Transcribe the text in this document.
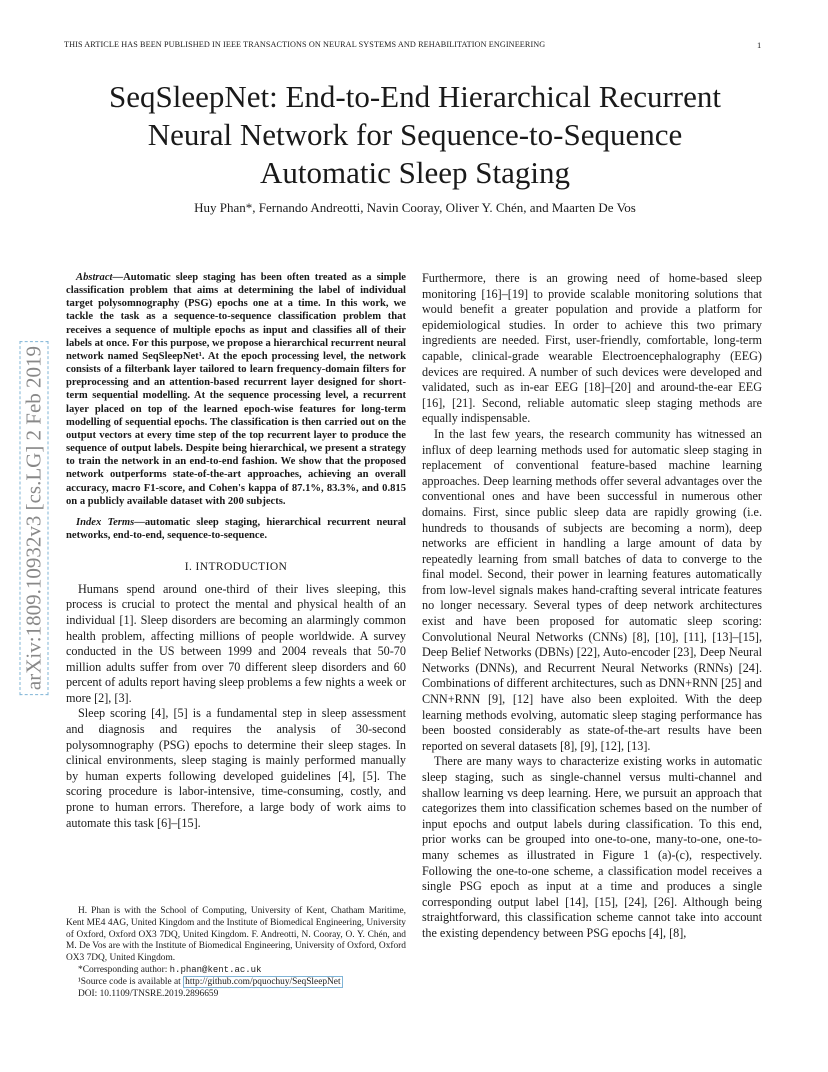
THIS ARTICLE HAS BEEN PUBLISHED IN IEEE TRANSACTIONS ON NEURAL SYSTEMS AND REHABILITATION ENGINEERING	1
SeqSleepNet: End-to-End Hierarchical Recurrent
Neural Network for Sequence-to-Sequence
Automatic Sleep Staging
Huy Phan*, Fernando Andreotti, Navin Cooray, Oliver Y. Chén, and Maarten De Vos
arXiv:1809.10932v3 [cs.LG] 2 Feb 2019

Abstract—Automatic sleep staging has been often treated as a simple classification problem that aims at determining the label of individual target polysomnography (PSG) epochs one at a time. In this work, we tackle the task as a sequence-to-sequence classification problem that receives a sequence of multiple epochs as input and classifies all of their labels at once. For this purpose, we propose a hierarchical recurrent neural network named SeqSleepNet¹. At the epoch processing level, the network consists of a filterbank layer tailored to learn frequency-domain filters for preprocessing and an attention-based recurrent layer designed for short-term sequential modelling. At the sequence processing level, a recurrent layer placed on top of the learned epoch-wise features for long-term modelling of sequential epochs. The classification is then carried out on the output vectors at every time step of the top recurrent layer to produce the sequence of output labels. Despite being hierarchical, we present a strategy to train the network in an end-to-end fashion. We show that the proposed network outperforms state-of-the-art approaches, achieving an overall accuracy, macro F1-score, and Cohen's kappa of 87.1%, 83.3%, and 0.815 on a publicly available dataset with 200 subjects.

Index Terms—automatic sleep staging, hierarchical recurrent neural networks, end-to-end, sequence-to-sequence.

I. INTRODUCTION

Humans spend around one-third of their lives sleeping, this process is crucial to protect the mental and physical health of an individual [1]. Sleep disorders are becoming an alarmingly common health problem, affecting millions of people worldwide. A survey conducted in the US between 1999 and 2004 reveals that 50-70 million adults suffer from over 70 different sleep disorders and 60 percent of adults report having sleep problems a few nights a week or more [2], [3].

Sleep scoring [4], [5] is a fundamental step in sleep assessment and diagnosis and requires the analysis of 30-second polysomnography (PSG) epochs to determine their sleep stages. In clinical environments, sleep staging is mainly performed manually by human experts following developed guidelines [4], [5]. The scoring procedure is labor-intensive, time-consuming, costly, and prone to human errors. Therefore, a large body of work aims to automate this task [6]–[15].

H. Phan is with the School of Computing, University of Kent, Chatham Maritime, Kent ME4 4AG, United Kingdom and the Institute of Biomedical Engineering, University of Oxford, Oxford OX3 7DQ, United Kingdom. F. Andreotti, N. Cooray, O. Y. Chén, and M. De Vos are with the Institute of Biomedical Engineering, University of Oxford, Oxford OX3 7DQ, United Kingdom.

*Corresponding author: h.phan@kent.ac.uk

¹Source code is available at http://github.com/pquochuy/SeqSleepNet

DOI: 10.1109/TNSRE.2019.2896659

Furthermore, there is an growing need of home-based sleep monitoring [16]–[19] to provide scalable monitoring solutions that would benefit a greater population and provide a platform for epidemiological studies. In order to achieve this two primary ingredients are needed. First, user-friendly, comfortable, long-term capable, clinical-grade wearable Electroencephalography (EEG) devices are required. A number of such devices were developed and validated, such as in-ear EEG [18]–[20] and around-the-ear EEG [16], [21]. Second, reliable automatic sleep staging methods are equally indispensable.

In the last few years, the research community has witnessed an influx of deep learning methods used for automatic sleep staging in replacement of conventional feature-based machine learning approaches. Deep learning methods offer several advantages over the conventional ones and have been successful in numerous other domains. First, since public sleep data are rapidly growing (i.e. hundreds to thousands of subjects are becoming a norm), deep networks are efficient in handling a large amount of data by repeatedly learning from small batches of data to converge to the final model. Second, their power in learning features automatically from low-level signals makes hand-crafting several intricate features no longer necessary. Several types of deep network architectures exist and have been proposed for automatic sleep scoring: Convolutional Neural Networks (CNNs) [8], [10], [11], [13]–[15], Deep Belief Networks (DBNs) [22], Auto-encoder [23], Deep Neural Networks (DNNs), and Recurrent Neural Networks (RNNs) [24]. Combinations of different architectures, such as DNN+RNN [25] and CNN+RNN [9], [12] have also been exploited. With the deep learning methods evolving, automatic sleep staging performance has been boosted considerably as state-of-the-art results have been reported on several datasets [8], [9], [12], [13].

There are many ways to characterize existing works in automatic sleep staging, such as single-channel versus multi-channel and shallow learning vs deep learning. Here, we pursuit an approach that categorizes them into classification schemes based on the number of input epochs and output labels during classification. To this end, prior works can be grouped into one-to-one, many-to-one, one-to-many schemes as illustrated in Figure 1 (a)-(c), respectively. Following the one-to-one scheme, a classification model receives a single PSG epoch as input at a time and produces a single corresponding output label [14], [15], [24], [26]. Although being straightforward, this classification scheme cannot take into account the existing dependency between PSG epochs [4], [8],
